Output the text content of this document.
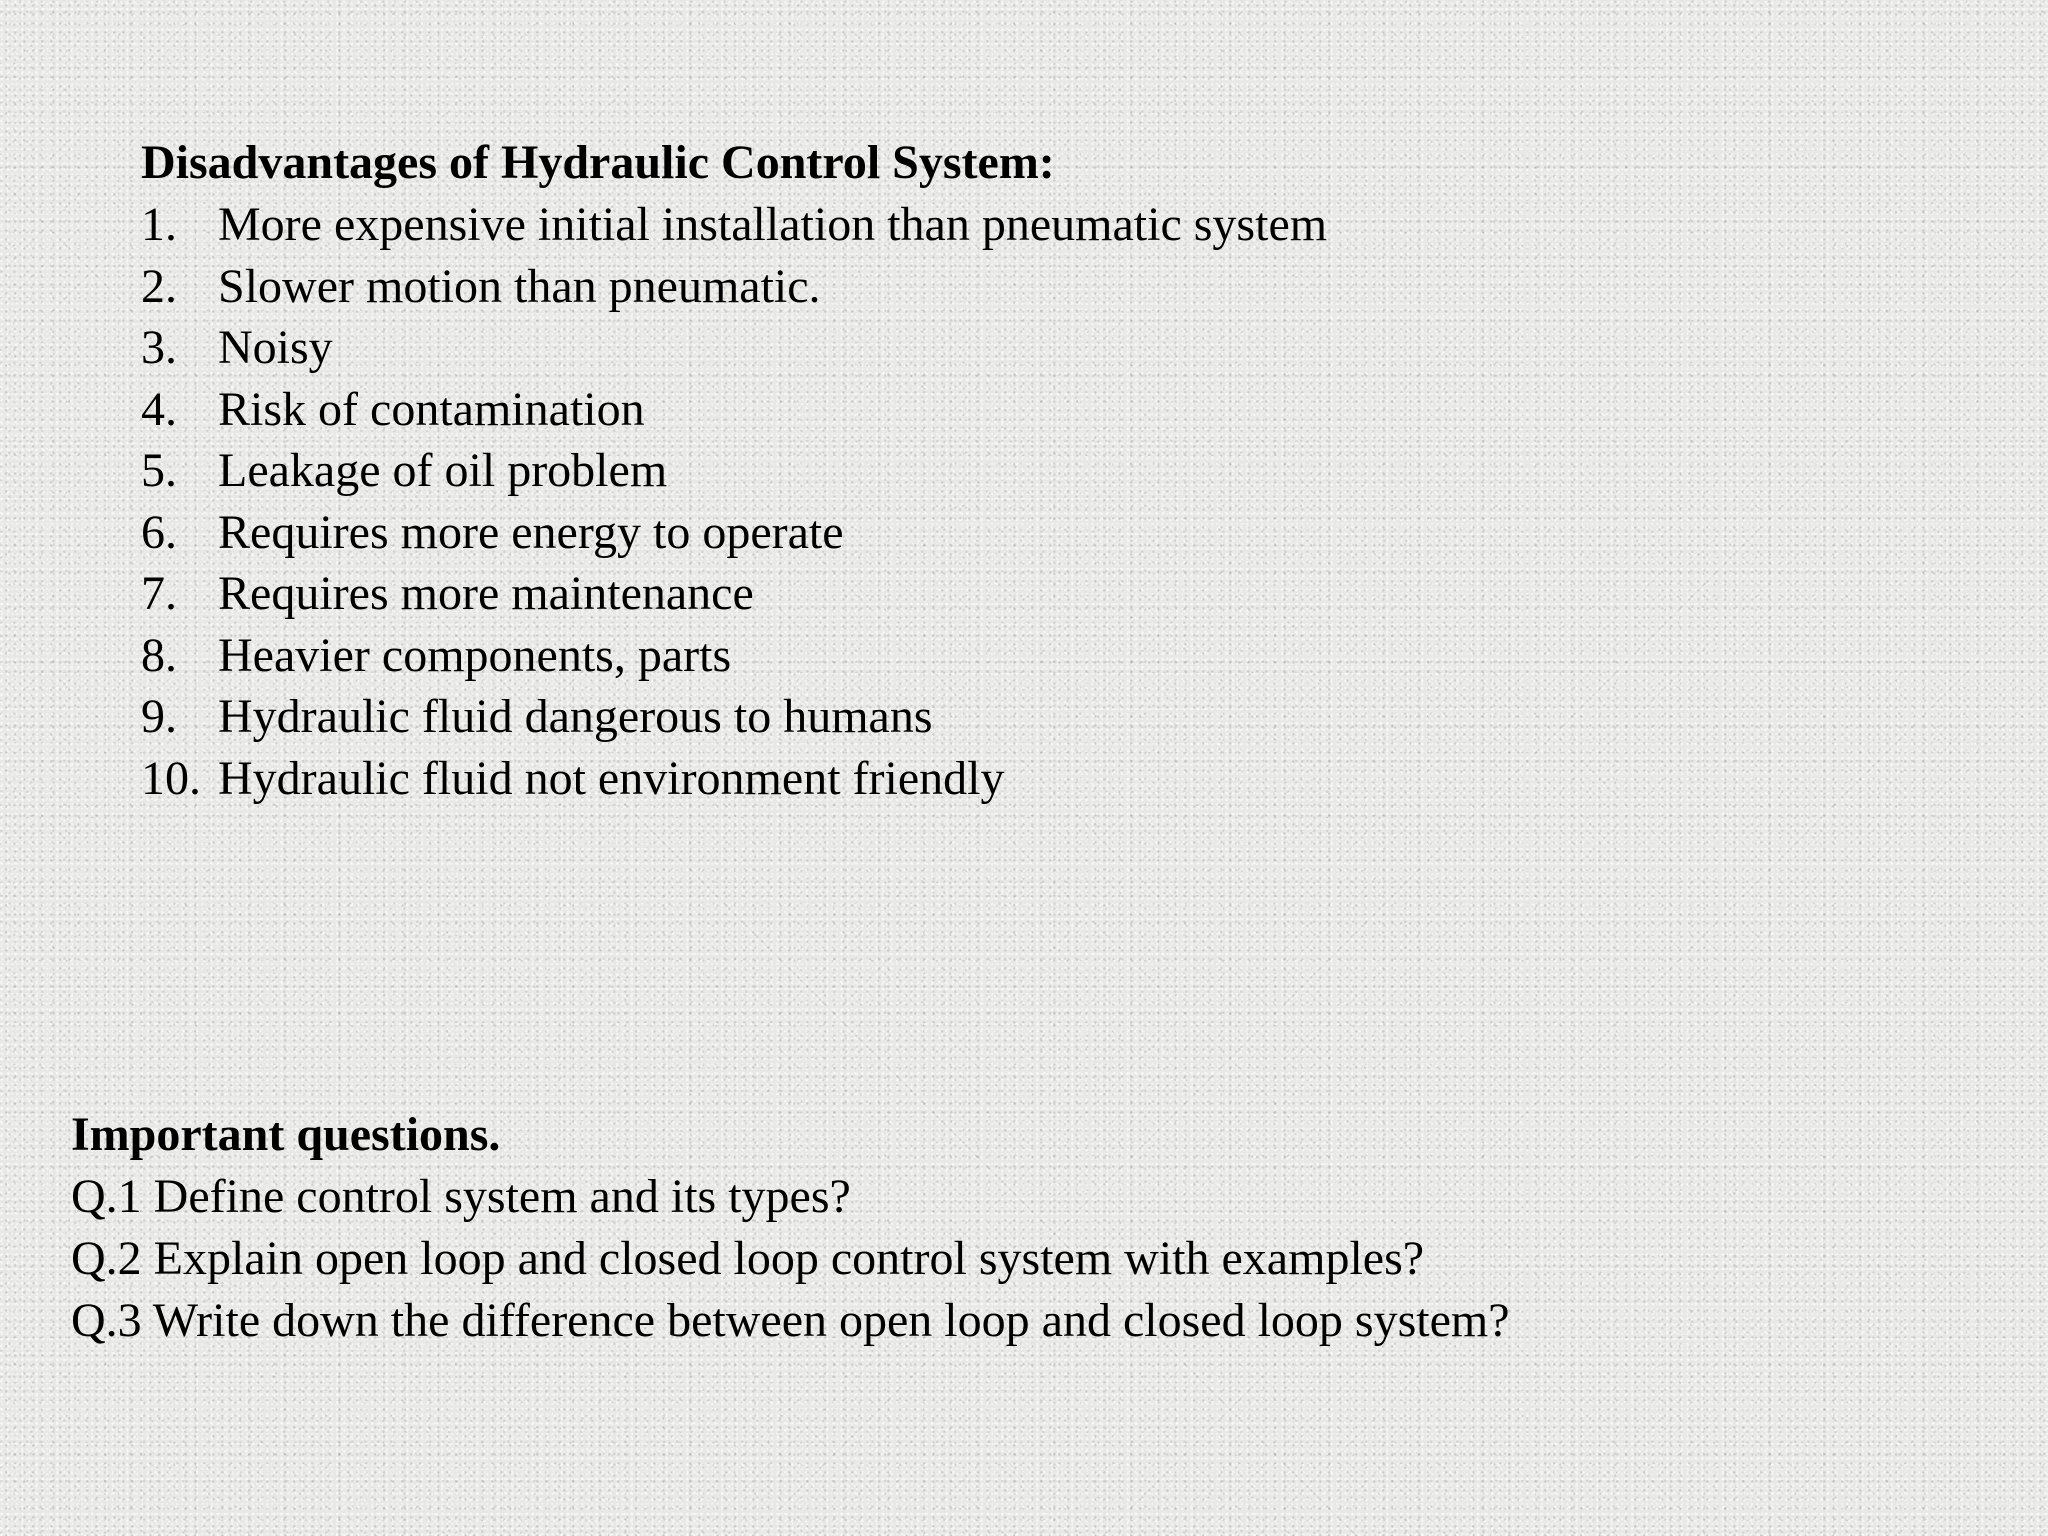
Disadvantages of Hydraulic Control System:

1. More expensive initial installation than pneumatic system
2. Slower motion than pneumatic.
3. Noisy
4. Risk of contamination
5. Leakage of oil problem
6. Requires more energy to operate
7. Requires more maintenance
8. Heavier components, parts
9. Hydraulic fluid dangerous to humans
10. Hydraulic fluid not environment friendly

Important questions.

Q.1 Define control system and its types?
Q.2 Explain open loop and closed loop control system with examples?
Q.3 Write down the difference between open loop and closed loop system?
